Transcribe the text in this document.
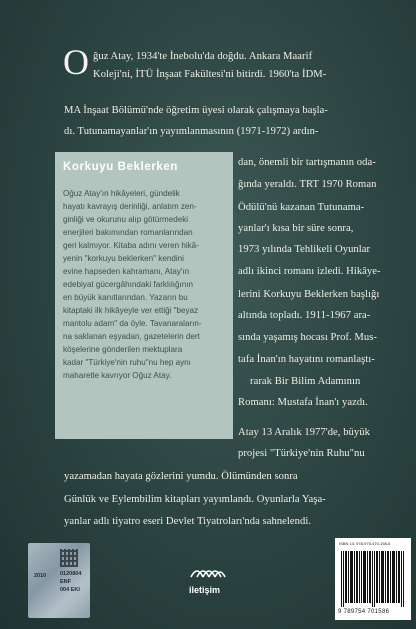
O ğuz Atay, 1934'te İnebolu'da doğdu. Ankara Maarif
Koleji'ni, İTÜ İnşaat Fakültesi'ni bitirdi. 1960'ta İDM-
MA İnşaat Bölümü'nde öğretim üyesi olarak çalışmaya başla-
dı. Tutunamayanlar'ın yayımlanmasının (1971-1972) ardın-
dan, önemli bir tartışmanın oda-
ğında yeraldı. TRT 1970 Roman
Ödülü'nü kazanan Tutunama-
yanlar'ı kısa bir süre sonra,
1973 yılında Tehlikeli Oyunlar
adlı ikinci romanı izledi. Hikâye-
lerini Korkuyu Beklerken başlığı
altında topladı. 1911-1967 ara-
sında yaşamış hocası Prof. Mus-
tafa İnan'ın hayatını romanlaştı-
rarak Bir Bilim Adamının
Romanı: Mustafa İnan'ı yazdı.
Atay 13 Aralık 1977'de, büyük
projesi "Türkiye'nin Ruhu"nu
yazamadan hayata gözlerini yumdu. Ölümünden sonra
Günlük ve Eylembilim kitapları yayımlandı. Oyunlarla Yaşa-
yanlar adlı tiyatro eseri Devlet Tiyatroları'nda sahnelendi.
Korkuyu Beklerken
Oğuz Atay'ın hikâyeleri, gündelik
hayatı kavrayış derinliği, anlatım zen-
ginliği ve okurunu alıp götürmedeki
enerjileri bakımından romanlarından
geri kalmıyor. Kitaba adını veren hikâ-
yenin "korkuyu beklerken" kendini
evine hapseden kahramanı, Atay'ın
edebiyat gücergâhındaki farklılığının
en büyük kanıtlarından. Yazarın bu
kitaptaki ilk hikâyeyle ver ettiği "beyaz
mantolu adam" da öyle. Tavanaraların-
na saklanan eşyadan, gazetelerin dert
köşelerine gönderilen mektuplara
kadar "Türkiye'nin ruhu"nu hep aynı
maharetle kavrıyor Oğuz Atay.
2010	0120804
ENF
004 EKI	iletişim
ISBN 13: 978-975-470-158-6
9 789754 701586
